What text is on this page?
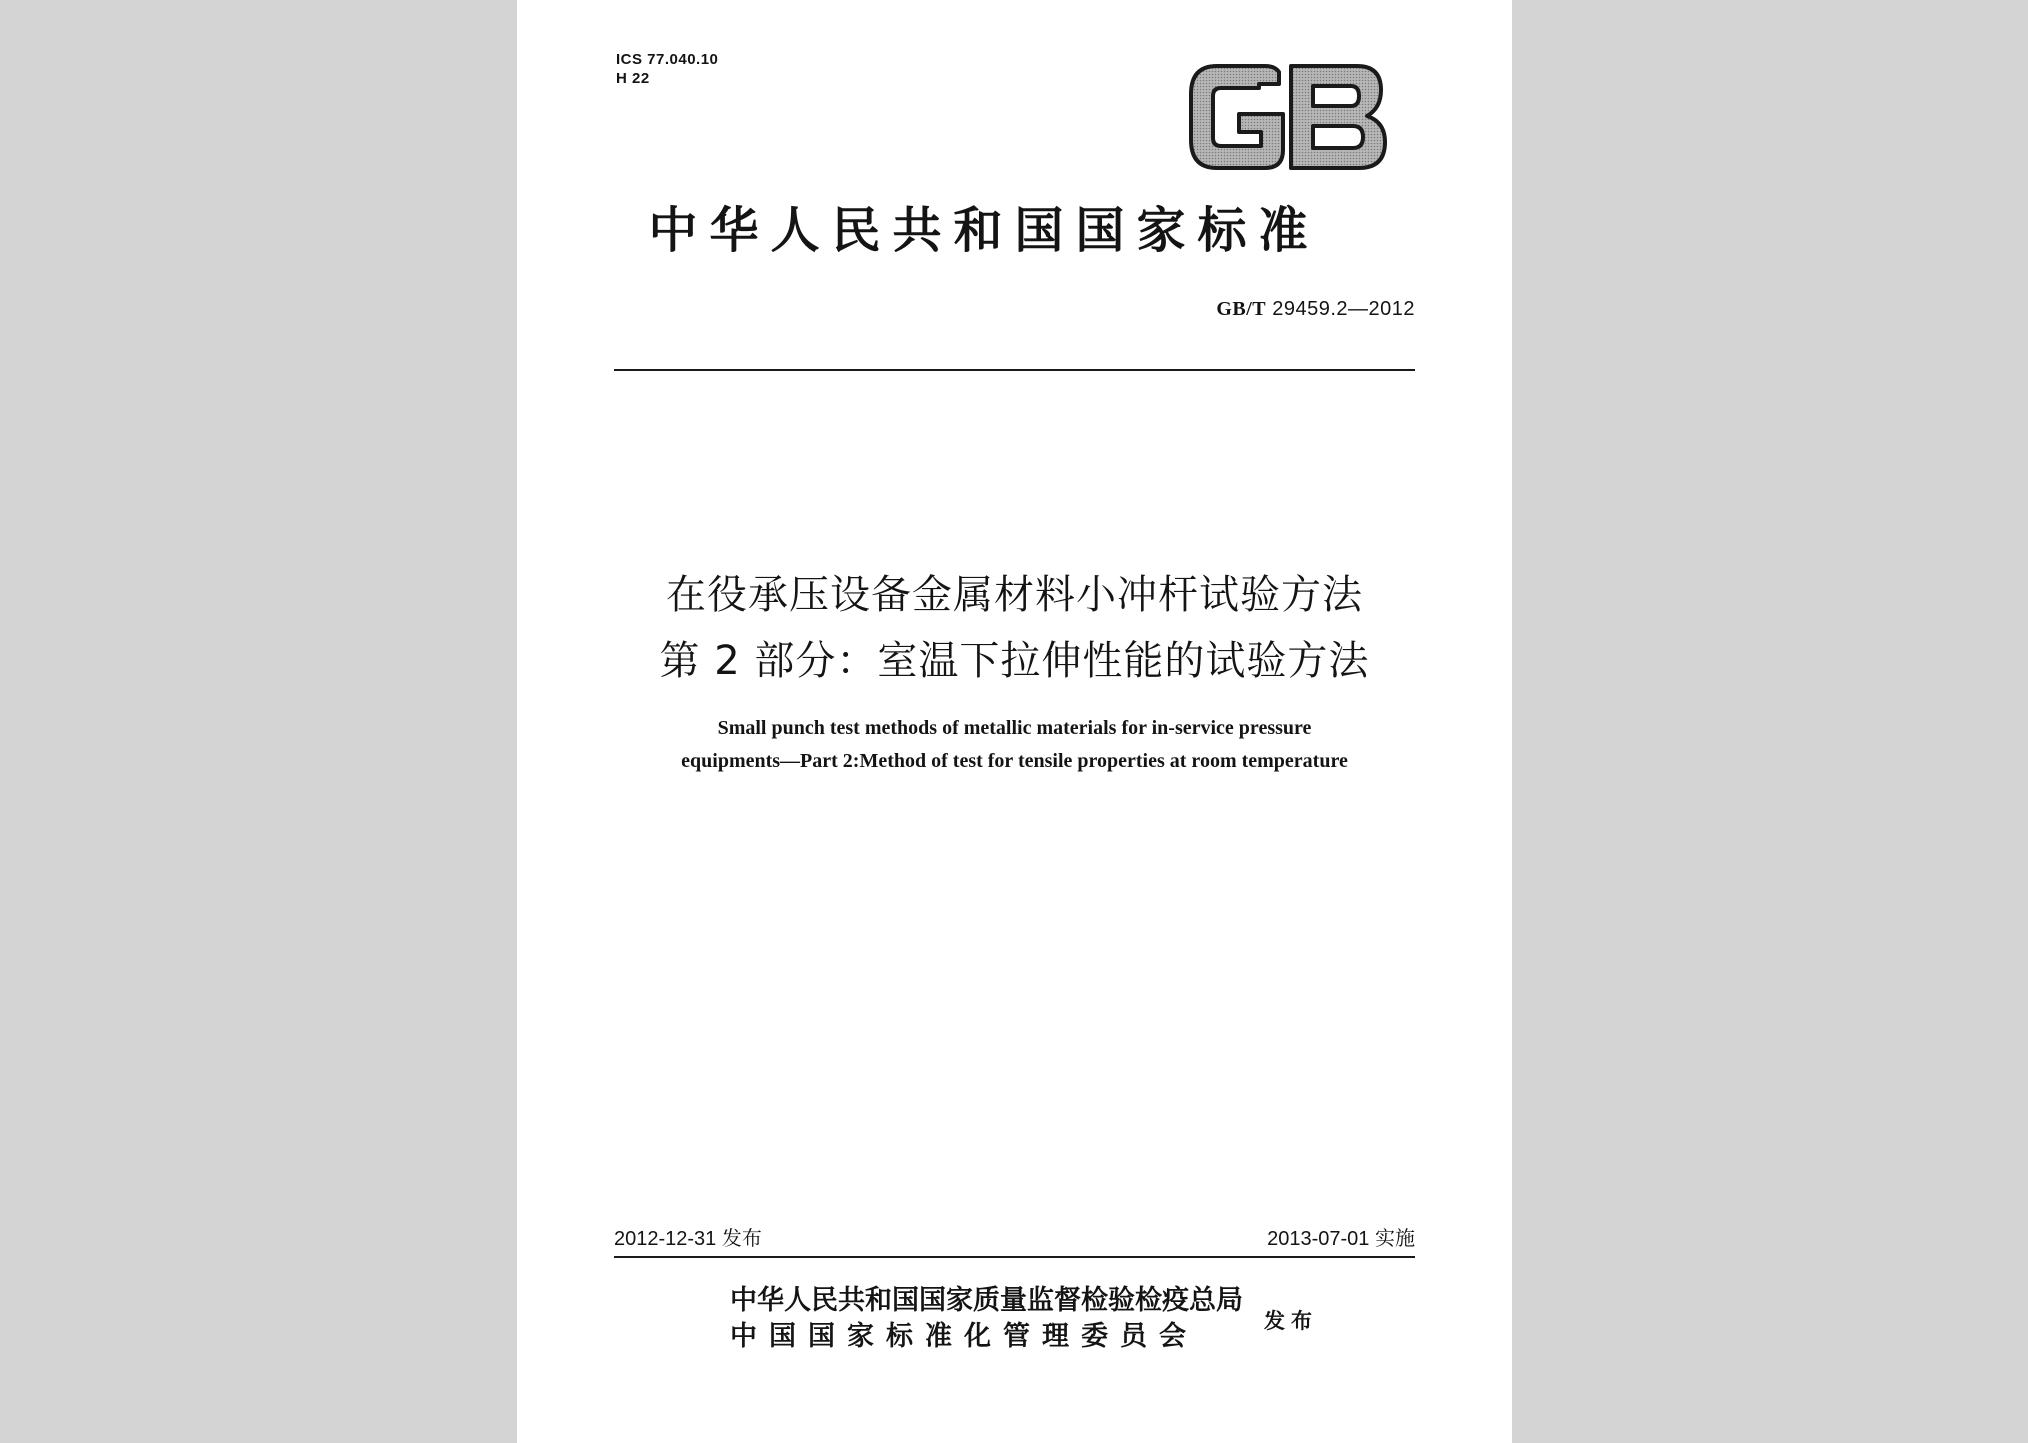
ICS 77.040.10
H 22
中华人民共和国国家标准
GB/T 29459.2—2012
在役承压设备金属材料小冲杆试验方法
第 2 部分：室温下拉伸性能的试验方法
Small punch test methods of metallic materials for in-service pressure
equipments—Part 2:Method of test for tensile properties at room temperature
2012-12-31 发布	2013-07-01 实施
中华人民共和国国家质量监督检验检疫总局
中国国家标准化管理委员会	发布
